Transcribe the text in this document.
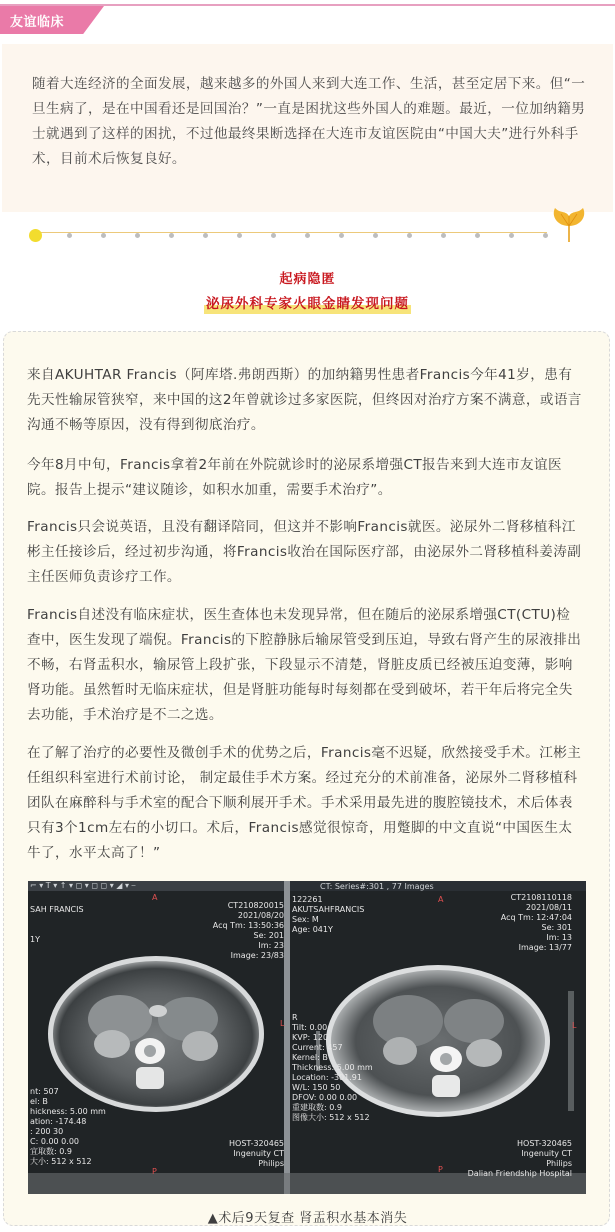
友谊临床

随着大连经济的全面发展，越来越多的外国人来到大连工作、生活，甚至定居下来。但“一旦生病了，是在中国看还是回国治？”一直是困扰这些外国人的难题。最近，一位加纳籍男士就遇到了这样的困扰，不过他最终果断选择在大连市友谊医院由“中国大夫”进行外科手术，目前术后恢复良好。

起病隐匿
泌尿外科专家火眼金睛发现问题

来自AKUHTAR Francis（阿库塔.弗朗西斯）的加纳籍男性患者Francis今年41岁，患有先天性输尿管狭窄，来中国的这2年曾就诊过多家医院，但终因对治疗方案不满意，或语言沟通不畅等原因，没有得到彻底治疗。

今年8月中旬，Francis拿着2年前在外院就诊时的泌尿系增强CT报告来到大连市友谊医院。报告上提示“建议随诊，如积水加重，需要手术治疗”。

Francis只会说英语，且没有翻译陪同，但这并不影响Francis就医。泌尿外二肾移植科江彬主任接诊后，经过初步沟通，将Francis收治在国际医疗部，由泌尿外二肾移植科姜涛副主任医师负责诊疗工作。

Francis自述没有临床症状，医生查体也未发现异常，但在随后的泌尿系增强CT(CTU)检查中，医生发现了端倪。Francis的下腔静脉后输尿管受到压迫，导致右肾产生的尿液排出不畅，右肾盂积水，输尿管上段扩张，下段显示不清楚，肾脏皮质已经被压迫变薄，影响肾功能。虽然暂时无临床症状，但是肾脏功能每时每刻都在受到破坏，若干年后将完全失去功能，手术治疗是不二之选。

在了解了治疗的必要性及微创手术的优势之后，Francis毫不迟疑，欣然接受手术。江彬主任组织科室进行术前讨论， 制定最佳手术方案。经过充分的术前准备，泌尿外二肾移植科团队在麻醉科与手术室的配合下顺利展开手术。手术采用最先进的腹腔镜技术，术后体表只有3个1cm左右的小切口。术后，Francis感觉很惊奇，用蹩脚的中文直说“中国医生太牛了，水平太高了！”

⌐ ▾ T ▾ ↑ ▾ ◻ ▾ ◻ ◻ ▾ ◢ ▾ ⎯	CT: Series#:301 , 77 Images

SAH FRANCIS

1Y

CT210820015
2021/08/20
Acq Tm: 13:50:36
Se: 201
Im: 23
Image: 23/83

nt: 507
el: B
hickness: 5.00 mm
ation: -174.48
: 200 30
C: 0.00 0.00
宜取数: 0.9
大小: 512 x 512

HOST-320465
Ingenuity CT
Philips

A

P

L

122261
AKUTSAHFRANCIS
Sex: M
Age: 041Y

CT2108110118
2021/08/11
Acq Tm: 12:47:04
Se: 301
Im: 13
Image: 13/77

R
Tilt: 0.00
KVP: 120
Current: 457
Kernel: B
Thickness: 5.00 mm
Location: -301.91
W/L: 150 50
DFOV: 0.00 0.00
重建取数: 0.9
图像大小: 512 x 512

HOST-320465
Ingenuity CT
Philips
Dalian Friendship Hospital

A

P

L

▲术后9天复查 肾盂积水基本消失
